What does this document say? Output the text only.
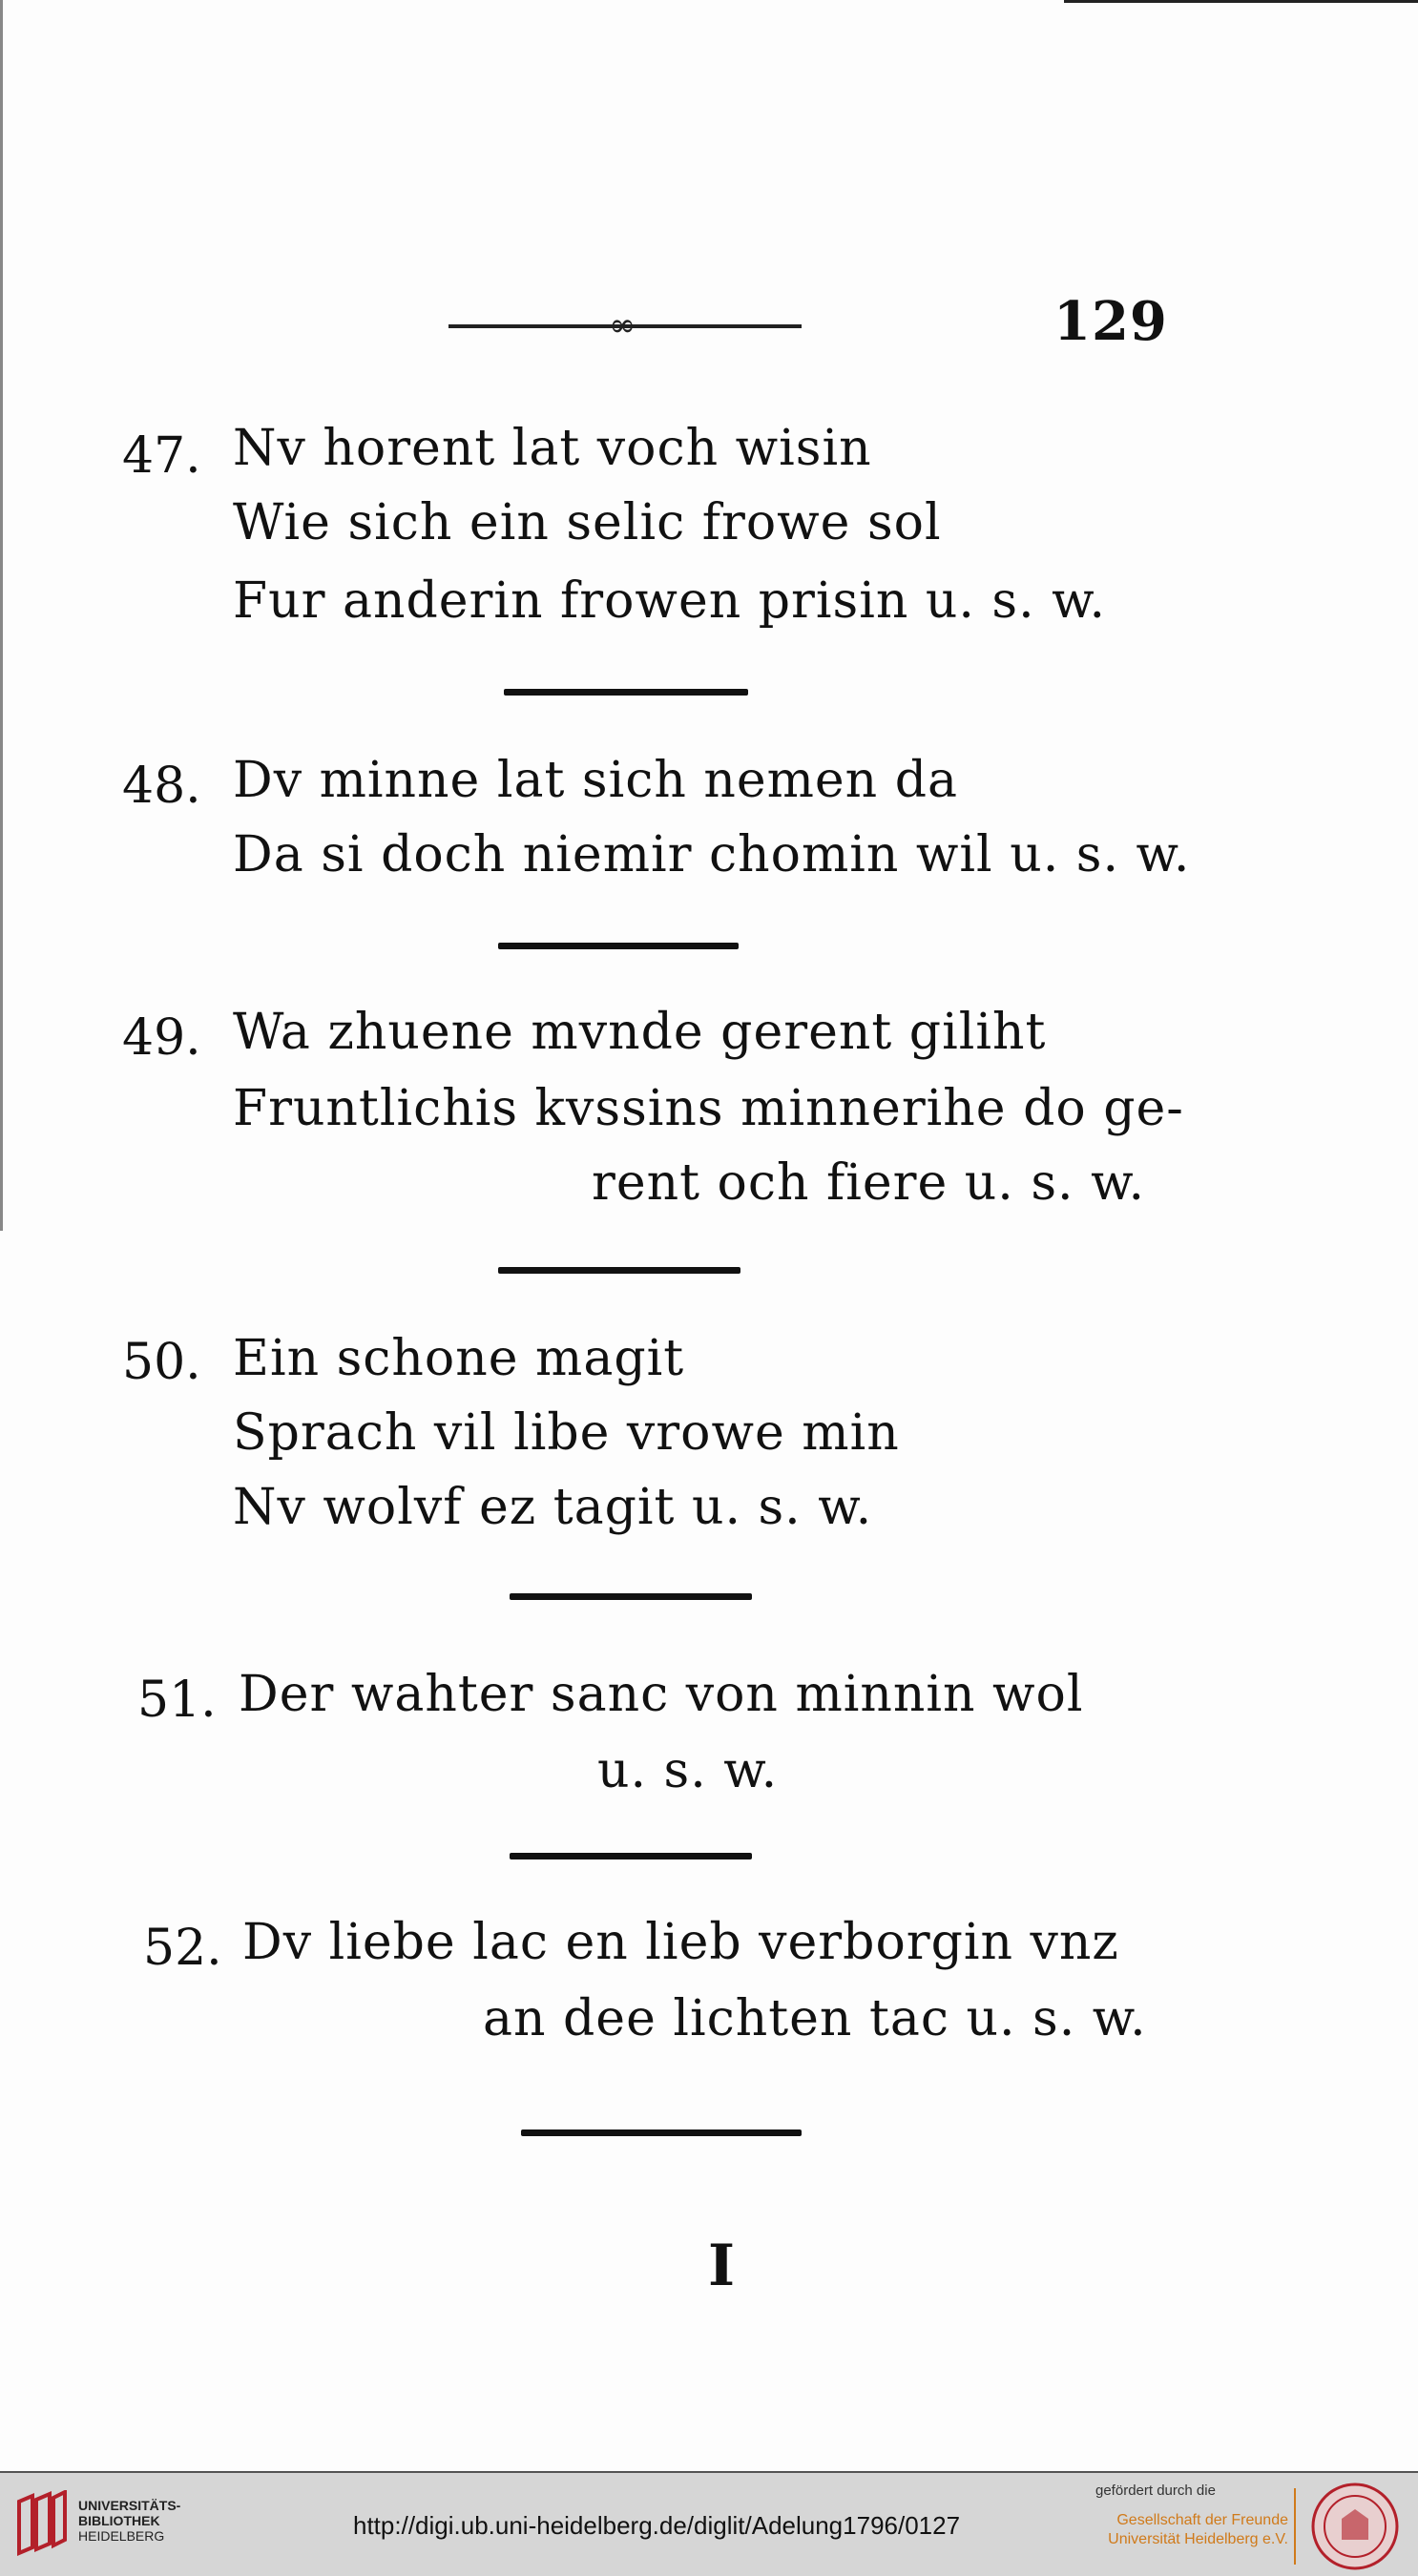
∞	129
47. Nv horent lat voch wisin
Wie sich ein selic frowe sol
Fur anderin frowen prisin u. s. w.
48. Dv minne lat sich nemen da
Da si doch niemir chomin wil u. s. w.
49. Wa zhuene mvnde gerent giliht
Fruntlichis kvssins minnerihe do ge-
rent och fiere u. s. w.
50. Ein schone magit
Sprach vil libe vrowe min
Nv wolvf ez tagit u. s. w.
51. Der wahter sanc von minnin wol
u. s. w.
52. Dv liebe lac en lieb verborgin vnz
an dee lichten tac u. s. w.
I
UNIVERSITÄTS-
BIBLIOTHEK
HEIDELBERG	http://digi.ub.uni-heidelberg.de/diglit/Adelung1796/0127
gefördert durch die
Gesellschaft der Freunde
Universität Heidelberg e.V.
